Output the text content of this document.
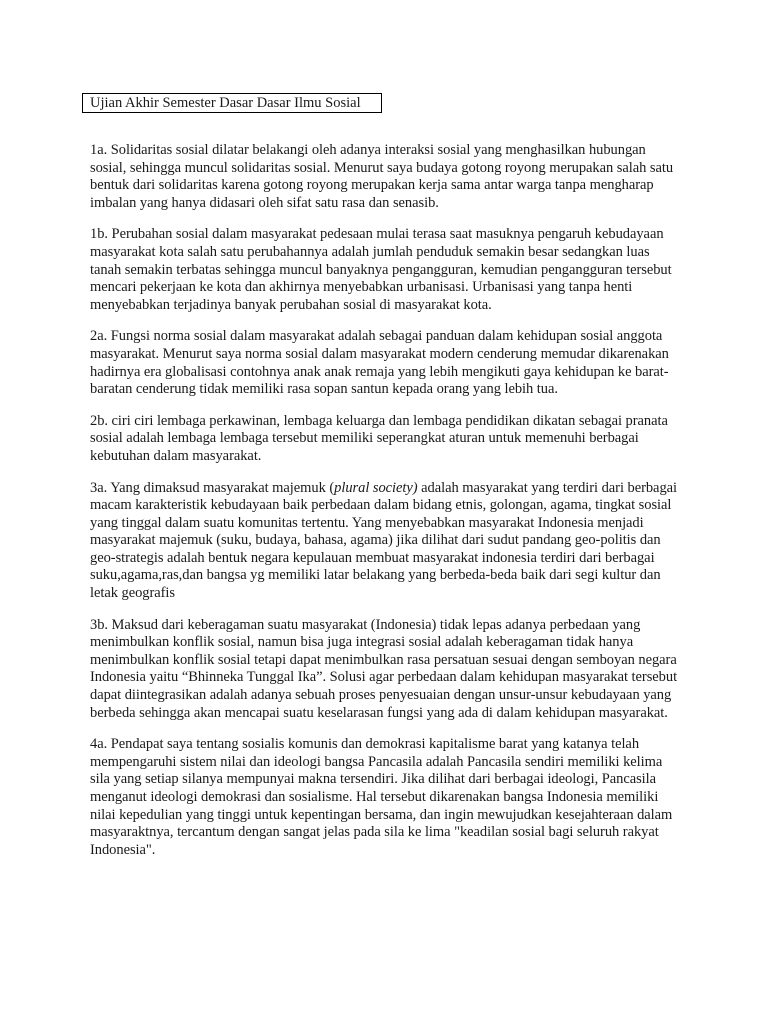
Ujian Akhir Semester Dasar Dasar Ilmu Sosial

1a. Solidaritas sosial dilatar belakangi oleh adanya interaksi sosial yang menghasilkan hubungan sosial, sehingga muncul solidaritas sosial. Menurut saya budaya gotong royong merupakan salah satu bentuk dari solidaritas karena gotong royong merupakan kerja sama antar warga tanpa mengharap imbalan yang hanya didasari oleh sifat satu rasa dan senasib.

1b. Perubahan sosial dalam masyarakat pedesaan mulai terasa saat masuknya pengaruh kebudayaan masyarakat kota salah satu perubahannya adalah jumlah penduduk semakin besar sedangkan luas tanah semakin terbatas sehingga muncul banyaknya pengangguran, kemudian pengangguran tersebut mencari pekerjaan ke kota dan akhirnya menyebabkan urbanisasi. Urbanisasi yang tanpa henti menyebabkan terjadinya banyak perubahan sosial di masyarakat kota.

2a. Fungsi norma sosial dalam masyarakat adalah sebagai panduan dalam kehidupan sosial anggota masyarakat. Menurut saya norma sosial dalam masyarakat modern cenderung memudar dikarenakan hadirnya era globalisasi contohnya anak anak remaja yang lebih mengikuti gaya kehidupan ke barat-baratan cenderung tidak memiliki rasa sopan santun kepada orang yang lebih tua.

2b. ciri ciri lembaga perkawinan, lembaga keluarga dan lembaga pendidikan dikatan sebagai pranata sosial adalah lembaga lembaga tersebut memiliki seperangkat aturan untuk memenuhi berbagai kebutuhan dalam masyarakat.

3a. Yang dimaksud masyarakat majemuk (plural society) adalah masyarakat yang terdiri dari berbagai macam karakteristik kebudayaan baik perbedaan dalam bidang etnis, golongan, agama, tingkat sosial yang tinggal dalam suatu komunitas tertentu. Yang menyebabkan masyarakat Indonesia menjadi masyarakat majemuk (suku, budaya, bahasa, agama) jika dilihat dari sudut pandang geo-politis dan geo-strategis adalah bentuk negara kepulauan membuat masyarakat indonesia terdiri dari berbagai suku,agama,ras,dan bangsa yg memiliki latar belakang yang berbeda-beda baik dari segi kultur dan letak geografis

3b. Maksud dari keberagaman suatu masyarakat (Indonesia) tidak lepas adanya perbedaan yang menimbulkan konflik sosial, namun bisa juga integrasi sosial adalah keberagaman tidak hanya menimbulkan konflik sosial tetapi dapat menimbulkan rasa persatuan sesuai dengan semboyan negara Indonesia yaitu “Bhinneka Tunggal Ika”. Solusi agar perbedaan dalam kehidupan masyarakat tersebut dapat diintegrasikan adalah adanya sebuah proses penyesuaian dengan unsur-unsur kebudayaan yang berbeda sehingga akan mencapai suatu keselarasan fungsi yang ada di dalam kehidupan masyarakat.

4a. Pendapat saya tentang sosialis komunis dan demokrasi kapitalisme barat yang katanya telah mempengaruhi sistem nilai dan ideologi bangsa Pancasila adalah Pancasila sendiri memiliki kelima sila yang setiap silanya mempunyai makna tersendiri. Jika dilihat dari berbagai ideologi, Pancasila menganut ideologi demokrasi dan sosialisme. Hal tersebut dikarenakan bangsa Indonesia memiliki nilai kepedulian yang tinggi untuk kepentingan bersama, dan ingin mewujudkan kesejahteraan dalam masyaraktnya, tercantum dengan sangat jelas pada sila ke lima "keadilan sosial bagi seluruh rakyat Indonesia".
